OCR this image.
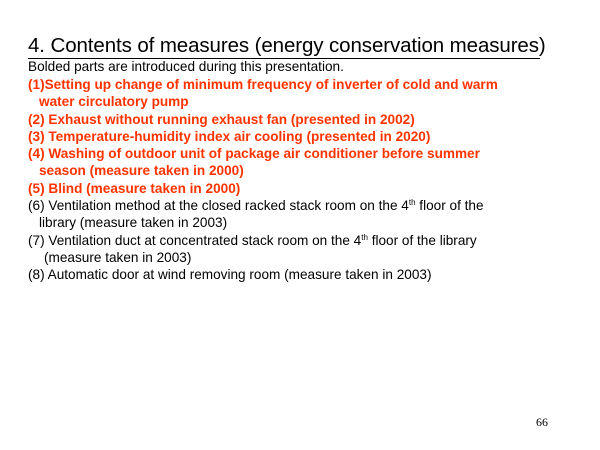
4. Contents of measures (energy conservation measures)
Bolded parts are introduced during this presentation.
(1)Setting up change of minimum frequency of inverter of cold and warm
water circulatory pump
(2) Exhaust without running exhaust fan (presented in 2002)
(3) Temperature-humidity index air cooling (presented in 2020)
(4) Washing of outdoor unit of package air conditioner before summer
season (measure taken in 2000)
(5) Blind (measure taken in 2000)
(6) Ventilation method at the closed racked stack room on the 4th floor of the
library (measure taken in 2003)
(7) Ventilation duct at concentrated stack room on the 4th floor of the library
(measure taken in 2003)
(8) Automatic door at wind removing room (measure taken in 2003)
66
